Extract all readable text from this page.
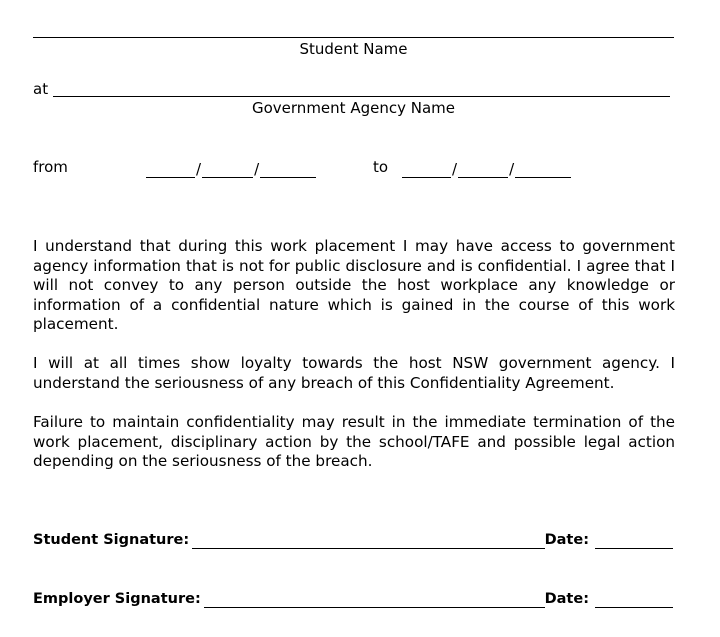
Student Name
at
Government Agency Name
from	/	/	to	/	/

I understand that during this work placement I may have access to government agency information that is not for public disclosure and is confidential. I agree that I will not convey to any person outside the host workplace any knowledge or information of a confidential nature which is gained in the course of this work placement.

I will at all times show loyalty towards the host NSW government agency. I understand the seriousness of any breach of this Confidentiality Agreement.

Failure to maintain confidentiality may result in the immediate termination of the work placement, disciplinary action by the school/TAFE and possible legal action depending on the seriousness of the breach.

Student Signature:	Date:
Employer Signature:	Date:
